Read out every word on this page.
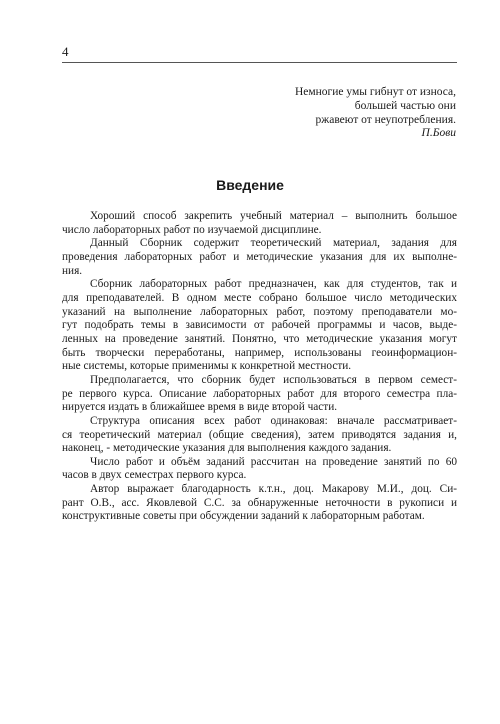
4
Немногие умы гибнут от износа,
большей частью они
ржавеют от неупотребления.
П.Бови
Введение
Хороший способ закрепить учебный материал – выполнить большое
число лабораторных работ по изучаемой дисциплине.
Данный Сборник содержит теоретический материал, задания для
проведения лабораторных работ и методические указания для их выполне-
ния.
Сборник лабораторных работ предназначен, как для студентов, так и
для преподавателей. В одном месте собрано большое число методических
указаний на выполнение лабораторных работ, поэтому преподаватели мо-
гут подобрать темы в зависимости от рабочей программы и часов, выде-
ленных на проведение занятий. Понятно, что методические указания могут
быть творчески переработаны, например, использованы геоинформацион-
ные системы, которые применимы к конкретной местности.
Предполагается, что сборник будет использоваться в первом семест-
ре первого курса. Описание лабораторных работ для второго семестра пла-
нируется издать в ближайшее время в виде второй части.
Структура описания всех работ одинаковая: вначале рассматривает-
ся теоретический материал (общие сведения), затем приводятся задания и,
наконец, - методические указания для выполнения каждого задания.
Число работ и объём заданий рассчитан на проведение занятий по 60
часов в двух семестрах первого курса.
Автор выражает благодарность к.т.н., доц. Макарову М.И., доц. Си-
рант О.В., асс. Яковлевой С.С. за обнаруженные неточности в рукописи и
конструктивные советы при обсуждении заданий к лабораторным работам.
